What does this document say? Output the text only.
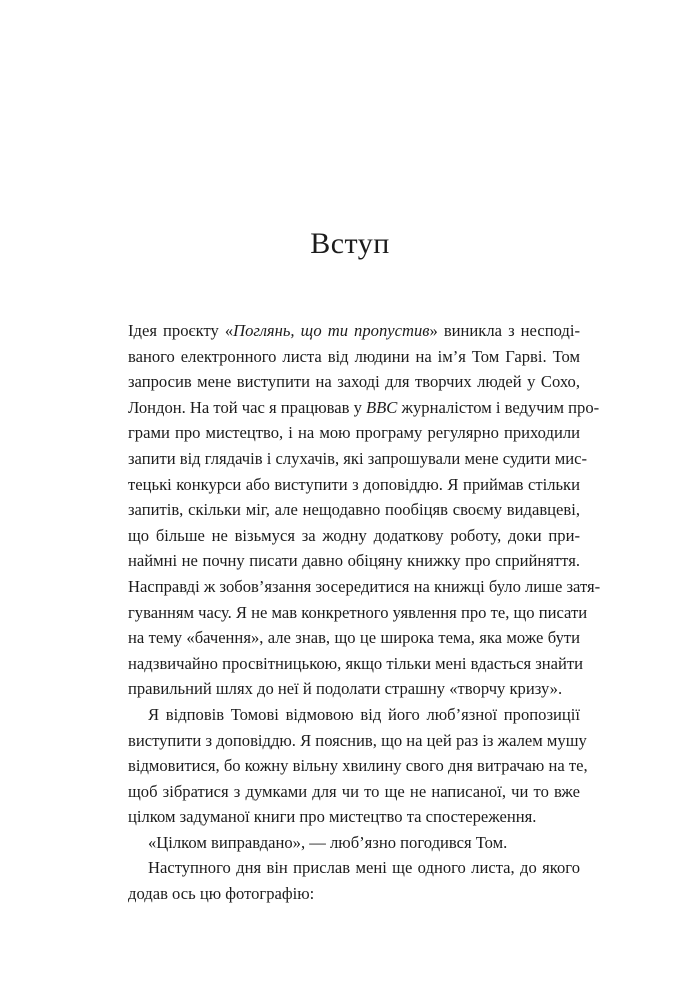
Вступ

Ідея проєкту «Поглянь, що ти пропустив» виникла з несподі-
ваного електронного листа від людини на ім’я Том Гарві. Том
запросив мене виступити на заході для творчих людей у Сохо,
Лондон. На той час я працював у BBC журналістом і ведучим про-
грами про мистецтво, і на мою програму регулярно приходили
запити від глядачів і слухачів, які запрошували мене судити мис-
тецькі конкурси або виступити з доповіддю. Я приймав стільки
запитів, скільки міг, але нещодавно пообіцяв своєму видавцеві,
що більше не візьмуся за жодну додаткову роботу, доки при-
наймні не почну писати давно обіцяну книжку про сприйняття.
Насправді ж зобов’язання зосередитися на книжці було лише затя-
гуванням часу. Я не мав конкретного уявлення про те, що писати
на тему «бачення», але знав, що це широка тема, яка може бути
надзвичайно просвітницькою, якщо тільки мені вдасться знайти
правильний шлях до неї й подолати страшну «творчу кризу».

Я відповів Томові відмовою від його люб’язної пропозиції
виступити з доповіддю. Я пояснив, що на цей раз із жалем мушу
відмовитися, бо кожну вільну хвилину свого дня витрачаю на те,
щоб зібратися з думками для чи то ще не написаної, чи то вже
цілком задуманої книги про мистецтво та спостереження.

«Цілком виправдано», — люб’язно погодився Том.

Наступного дня він прислав мені ще одного листа, до якого
додав ось цю фотографію:
